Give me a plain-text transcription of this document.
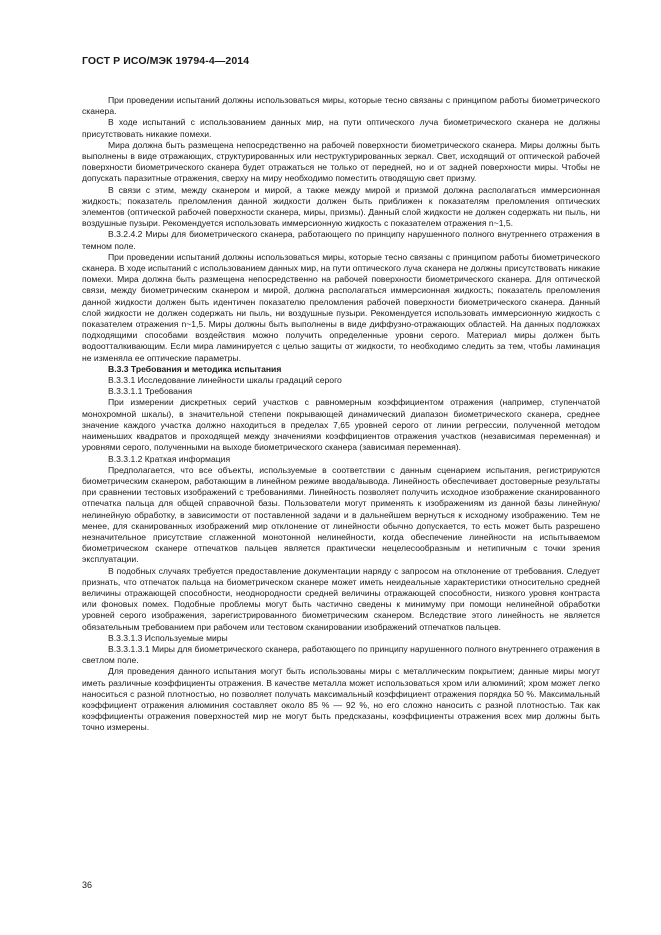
ГОСТ Р ИСО/МЭК 19794-4—2014

При проведении испытаний должны использоваться миры, которые тесно связаны с принципом работы биометрического сканера.

В ходе испытаний с использованием данных мир, на пути оптического луча биометрического сканера не должны присутствовать никакие помехи.

Мира должна быть размещена непосредственно на рабочей поверхности биометрического сканера. Миры должны быть выполнены в виде отражающих, структурированных или неструктурированных зеркал. Свет, исходящий от оптической рабочей поверхности биометрического сканера будет отражаться не только от передней, но и от задней поверхности миры. Чтобы не допускать паразитные отражения, сверху на миру необходимо поместить отводящую свет призму.

В связи с этим, между сканером и мирой, а также между мирой и призмой должна располагаться иммерсионная жидкость; показатель преломления данной жидкости должен быть приближен к показателям преломления оптических элементов (оптической рабочей поверхности сканера, миры, призмы). Данный слой жидкости не должен содержать ни пыль, ни воздушные пузыри. Рекомендуется использовать иммерсионную жидкость с показателем отражения n~1,5.

В.3.2.4.2 Миры для биометрического сканера, работающего по принципу нарушенного полного внутреннего отражения в темном поле.

При проведении испытаний должны использоваться миры, которые тесно связаны с принципом работы биометрического сканера. В ходе испытаний с использованием данных мир, на пути оптического луча сканера не должны присутствовать никакие помехи. Мира должна быть размещена непосредственно на рабочей поверхности биометрического сканера. Для оптической связи, между биометрическим сканером и мирой, должна располагаться иммерсионная жидкость; показатель преломления данной жидкости должен быть идентичен показателю преломления рабочей поверхности биометрического сканера. Данный слой жидкости не должен содержать ни пыль, ни воздушные пузыри. Рекомендуется использовать иммерсионную жидкость с показателем отражения n~1,5. Миры должны быть выполнены в виде диффузно-отражающих областей. На данных подложках подходящими способами воздействия можно получить определенные уровни серого. Материал миры должен быть водоотталкивающим. Если мира ламинируется с целью защиты от жидкости, то необходимо следить за тем, чтобы ламинация не изменяла ее оптические параметры.

В.3.3 Требования и методика испытания

В.3.3.1 Исследование линейности шкалы градаций серого

В.3.3.1.1 Требования

При измерении дискретных серий участков с равномерным коэффициентом отражения (например, ступенчатой монохромной шкалы), в значительной степени покрывающей динамический диапазон биометрического сканера, среднее значение каждого участка должно находиться в пределах 7,65 уровней серого от линии регрессии, полученной методом наименьших квадратов и проходящей между значениями коэффициентов отражения участков (независимая переменная) и уровнями серого, полученными на выходе биометрического сканера (зависимая переменная).

В.3.3.1.2 Краткая информация

Предполагается, что все объекты, используемые в соответствии с данным сценарием испытания, регистрируются биометрическим сканером, работающим в линейном режиме ввода/вывода. Линейность обеспечивает достоверные результаты при сравнении тестовых изображений с требованиями. Линейность позволяет получить исходное изображение сканированного отпечатка пальца для общей справочной базы. Пользователи могут применять к изображениям из данной базы линейную/нелинейную обработку, в зависимости от поставленной задачи и в дальнейшем вернуться к исходному изображению. Тем не менее, для сканированных изображений мир отклонение от линейности обычно допускается, то есть может быть разрешено незначительное присутствие сглаженной монотонной нелинейности, когда обеспечение линейности на испытываемом биометрическом сканере отпечатков пальцев является практически нецелесообразным и нетипичным с точки зрения эксплуатации.

В подобных случаях требуется предоставление документации наряду с запросом на отклонение от требования. Следует признать, что отпечаток пальца на биометрическом сканере может иметь неидеальные характеристики относительно средней величины отражающей способности, неоднородности средней величины отражающей способности, низкого уровня контраста или фоновых помех. Подобные проблемы могут быть частично сведены к минимуму при помощи нелинейной обработки уровней серого изображения, зарегистрированного биометрическим сканером. Вследствие этого линейность не является обязательным требованием при рабочем или тестовом сканировании изображений отпечатков пальцев.

В.3.3.1.3 Используемые миры

В.3.3.1.3.1 Миры для биометрического сканера, работающего по принципу нарушенного полного внутреннего отражения в светлом поле.

Для проведения данного испытания могут быть использованы миры с металлическим покрытием; данные миры могут иметь различные коэффициенты отражения. В качестве металла может использоваться хром или алюминий; хром может легко наноситься с разной плотностью, но позволяет получать максимальный коэффициент отражения порядка 50 %. Максимальный коэффициент отражения алюминия составляет около 85 % — 92 %, но его сложно наносить с разной плотностью. Так как коэффициенты отражения поверхностей мир не могут быть предсказаны, коэффициенты отражения всех мир должны быть точно измерены.

36
